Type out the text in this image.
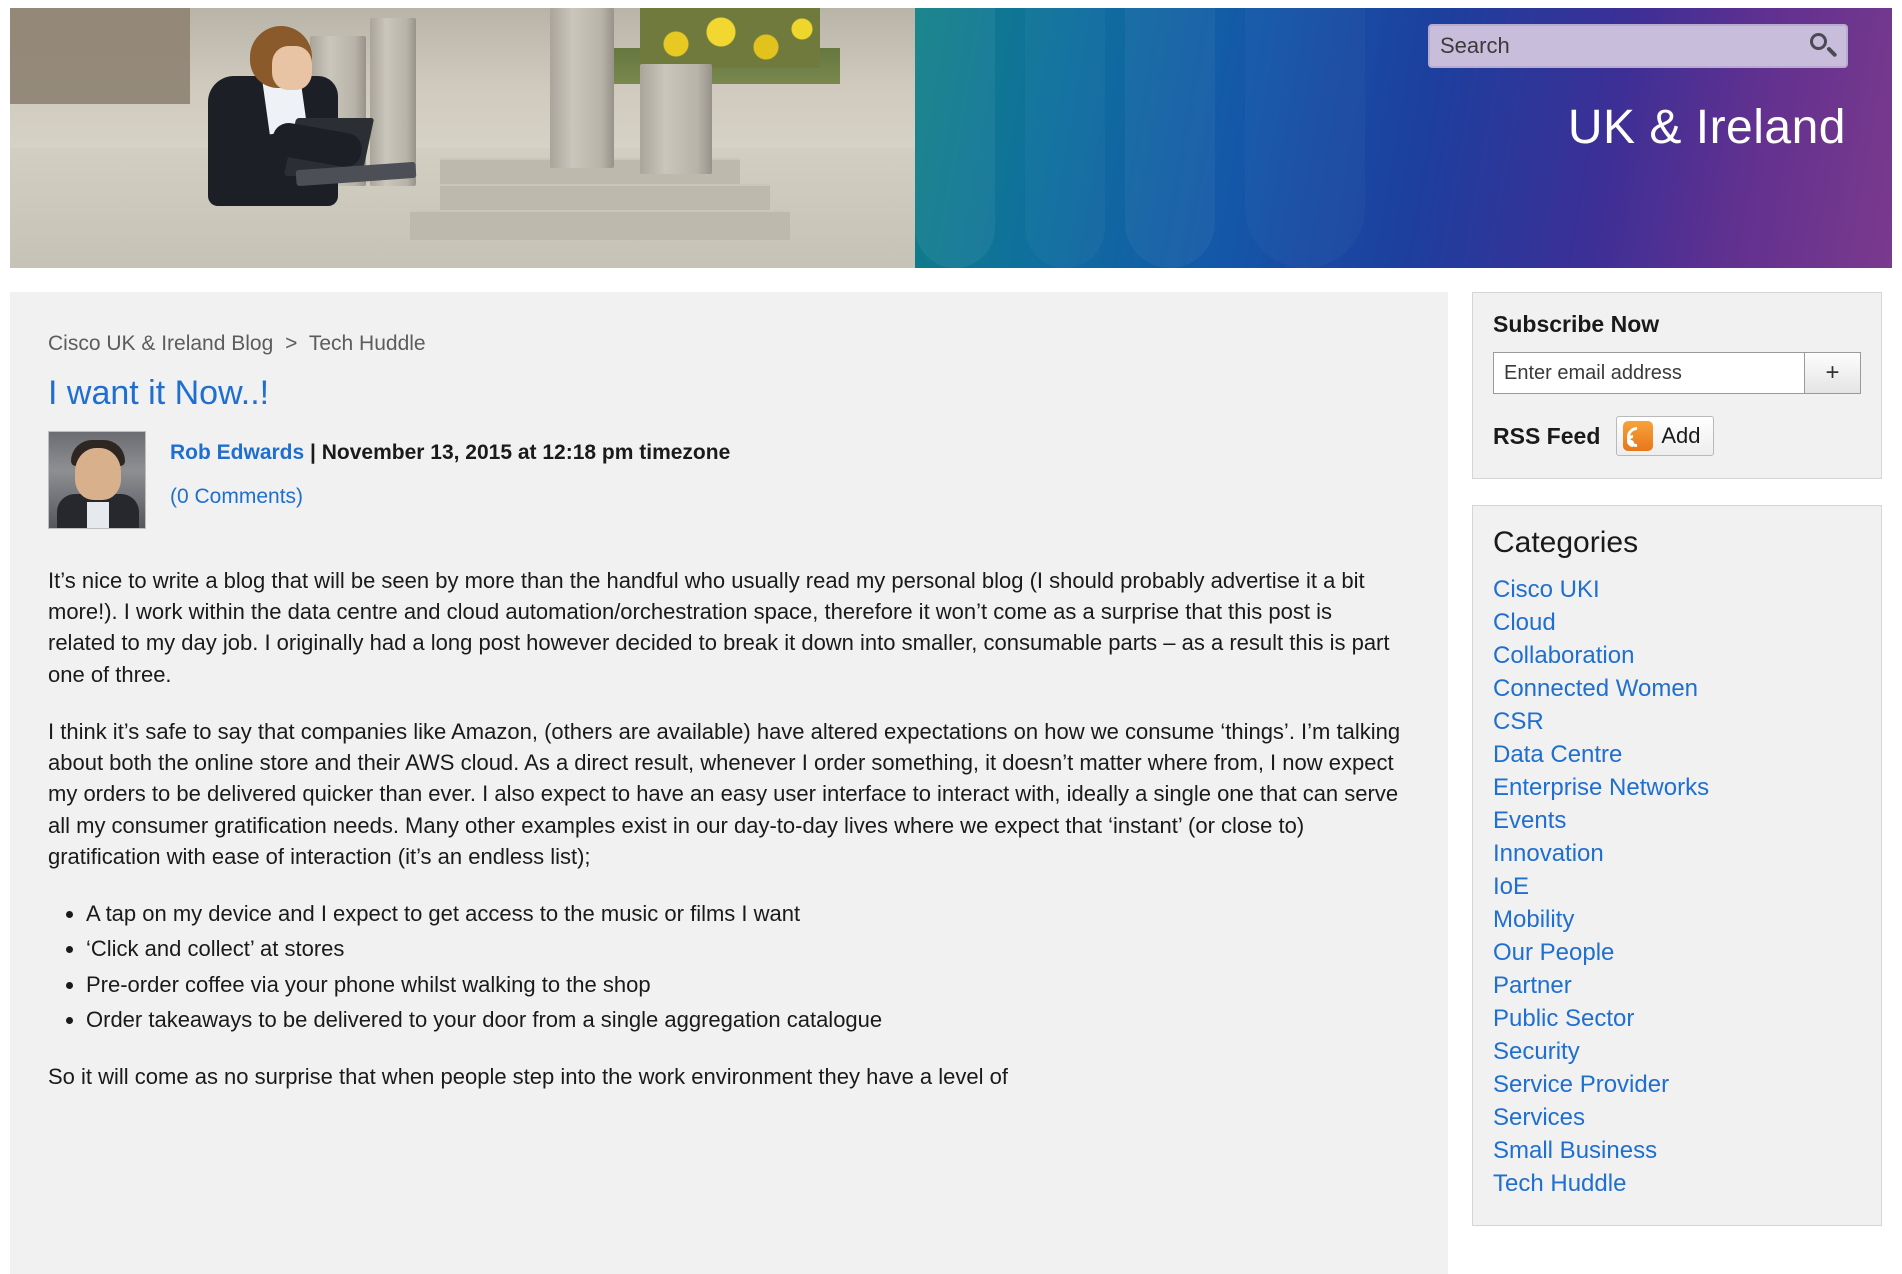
Search
UK & Ireland
Cisco UK & Ireland Blog > Tech Huddle
I want it Now..!
Rob Edwards | November 13, 2015 at 12:18 pm timezone
(0 Comments)

It’s nice to write a blog that will be seen by more than the handful who usually read my personal blog (I should probably advertise it a bit more!). I work within the data centre and cloud automation/orchestration space, therefore it won’t come as a surprise that this post is related to my day job. I originally had a long post however decided to break it down into smaller, consumable parts – as a result this is part one of three.

I think it’s safe to say that companies like Amazon, (others are available) have altered expectations on how we consume ‘things’. I’m talking about both the online store and their AWS cloud. As a direct result, whenever I order something, it doesn’t matter where from, I now expect my orders to be delivered quicker than ever. I also expect to have an easy user interface to interact with, ideally a single one that can serve all my consumer gratification needs. Many other examples exist in our day-to-day lives where we expect that ‘instant’ (or close to) gratification with ease of interaction (it’s an endless list);

• A tap on my device and I expect to get access to the music or films I want
• ‘Click and collect’ at stores
• Pre-order coffee via your phone whilst walking to the shop
• Order takeaways to be delivered to your door from a single aggregation catalogue

So it will come as no surprise that when people step into the work environment they have a level of

Subscribe Now
Enter email address
+
RSS Feed	Add
Categories
Cisco UKI
Cloud
Collaboration
Connected Women
CSR
Data Centre
Enterprise Networks
Events
Innovation
IoE
Mobility
Our People
Partner
Public Sector
Security
Service Provider
Services
Small Business
Tech Huddle
